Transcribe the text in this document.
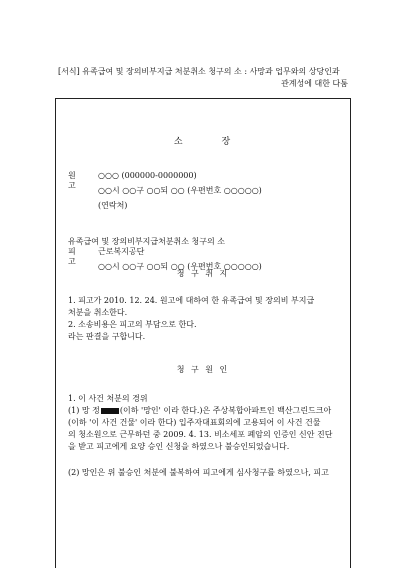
[서식] 유족급여 및 장의비부지급 처분취소 청구의 소 : 사망과 업무와의 상당인과
관계성에 대한 다툼
소	장
원고
○○○ (000000-0000000)
○○시 ○○구 ○○되 ○○ (우편번호 ○○○○○)
(연락처)
피고
근로복지공단
○○시 ○○구 ○○되 ○○ (우편번호 ○○○○○)
유족급여 및 장의비부지급처분취소 청구의 소
청 구 취 지
1. 피고가 2010. 12. 24. 원고에 대하여 한 유족급여 및 장의비 부지급
처분을 취소한다.
2. 소송비용은 피고의 부담으로 한다.
라는 판결을 구합니다.
청 구 원 인
1. 이 사건 처분의 경위
(1) 망 정	(이하 '망인' 이라 한다.)은 주상복합아파트인 백산그린드크아
(이하 '이 사건 건물' 이라 한다) 입주자대표회의에 고용되어 이 사건 건물
의 청소원으로 근무하던 중 2009. 4. 13. 비소세포 폐암의 인증인 신안 진단
을 받고 피고에게 요양 승인 신청을 하였으나 불승인되었습니다.
(2) 망인은 위 불승인 처분에 불복하여 피고에게 심사청구를 하였으나, 피고
